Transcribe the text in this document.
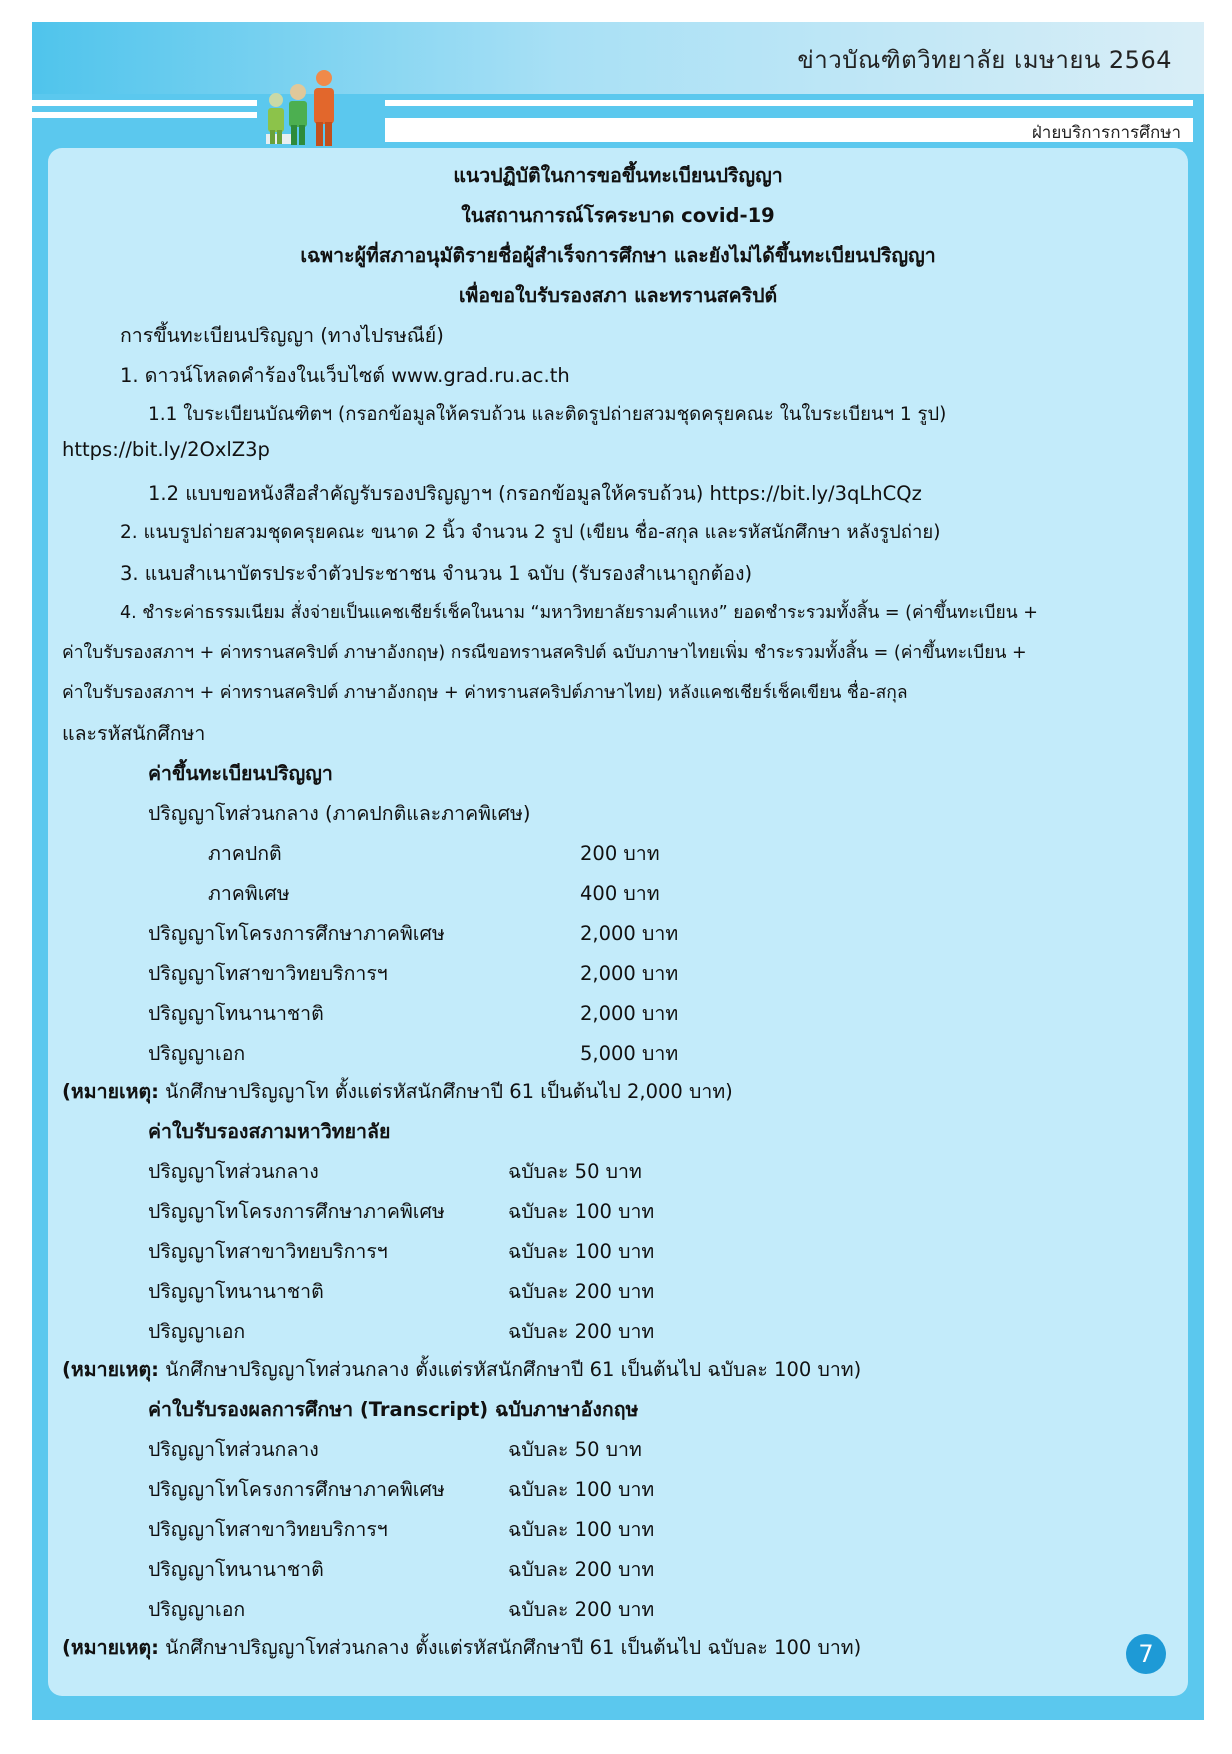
ข่าวบัณฑิตวิทยาลัย เมษายน 2564
ฝ่ายบริการการศึกษา
แนวปฏิบัติในการขอขึ้นทะเบียนปริญญา
ในสถานการณ์โรคระบาด covid-19
เฉพาะผู้ที่สภาอนุมัติรายชื่อผู้สำเร็จการศึกษา และยังไม่ได้ขึ้นทะเบียนปริญญา
เพื่อขอใบรับรองสภา และทรานสคริปต์
การขึ้นทะเบียนปริญญา (ทางไปรษณีย์)
1. ดาวน์โหลดคำร้องในเว็บไซต์ www.grad.ru.ac.th
1.1 ใบระเบียนบัณฑิตฯ (กรอกข้อมูลให้ครบถ้วน และติดรูปถ่ายสวมชุดครุยคณะ ในใบระเบียนฯ 1 รูป)
https://bit.ly/2OxlZ3p
1.2 แบบขอหนังสือสำคัญรับรองปริญญาฯ (กรอกข้อมูลให้ครบถ้วน) https://bit.ly/3qLhCQz
2. แนบรูปถ่ายสวมชุดครุยคณะ ขนาด 2 นิ้ว จำนวน 2 รูป (เขียน ชื่อ-สกุล และรหัสนักศึกษา หลังรูปถ่าย)
3. แนบสำเนาบัตรประจำตัวประชาชน จำนวน 1 ฉบับ (รับรองสำเนาถูกต้อง)
4. ชำระค่าธรรมเนียม สั่งจ่ายเป็นแคชเชียร์เช็คในนาม “มหาวิทยาลัยรามคำแหง” ยอดชำระรวมทั้งสิ้น = (ค่าขึ้นทะเบียน +
ค่าใบรับรองสภาฯ + ค่าทรานสคริปต์ ภาษาอังกฤษ) กรณีขอทรานสคริปต์ ฉบับภาษาไทยเพิ่ม ชำระรวมทั้งสิ้น = (ค่าขึ้นทะเบียน +
ค่าใบรับรองสภาฯ + ค่าทรานสคริปต์ ภาษาอังกฤษ + ค่าทรานสคริปต์ภาษาไทย) หลังแคชเชียร์เช็คเขียน ชื่อ-สกุล
และรหัสนักศึกษา
ค่าขึ้นทะเบียนปริญญา
ปริญญาโทส่วนกลาง (ภาคปกติและภาคพิเศษ)
ภาคปกติ	200 บาท
ภาคพิเศษ	400 บาท
ปริญญาโทโครงการศึกษาภาคพิเศษ	2,000 บาท
ปริญญาโทสาขาวิทยบริการฯ	2,000 บาท
ปริญญาโทนานาชาติ	2,000 บาท
ปริญญาเอก	5,000 บาท
(หมายเหตุ: นักศึกษาปริญญาโท ตั้งแต่รหัสนักศึกษาปี 61 เป็นต้นไป 2,000 บาท)
ค่าใบรับรองสภามหาวิทยาลัย
ปริญญาโทส่วนกลาง	ฉบับละ 50 บาท
ปริญญาโทโครงการศึกษาภาคพิเศษ	ฉบับละ 100 บาท
ปริญญาโทสาขาวิทยบริการฯ	ฉบับละ 100 บาท
ปริญญาโทนานาชาติ	ฉบับละ 200 บาท
ปริญญาเอก	ฉบับละ 200 บาท
(หมายเหตุ: นักศึกษาปริญญาโทส่วนกลาง ตั้งแต่รหัสนักศึกษาปี 61 เป็นต้นไป ฉบับละ 100 บาท)
ค่าใบรับรองผลการศึกษา (Transcript) ฉบับภาษาอังกฤษ
ปริญญาโทส่วนกลาง	ฉบับละ 50 บาท
ปริญญาโทโครงการศึกษาภาคพิเศษ	ฉบับละ 100 บาท
ปริญญาโทสาขาวิทยบริการฯ	ฉบับละ 100 บาท
ปริญญาโทนานาชาติ	ฉบับละ 200 บาท
ปริญญาเอก	ฉบับละ 200 บาท
(หมายเหตุ: นักศึกษาปริญญาโทส่วนกลาง ตั้งแต่รหัสนักศึกษาปี 61 เป็นต้นไป ฉบับละ 100 บาท)	7
